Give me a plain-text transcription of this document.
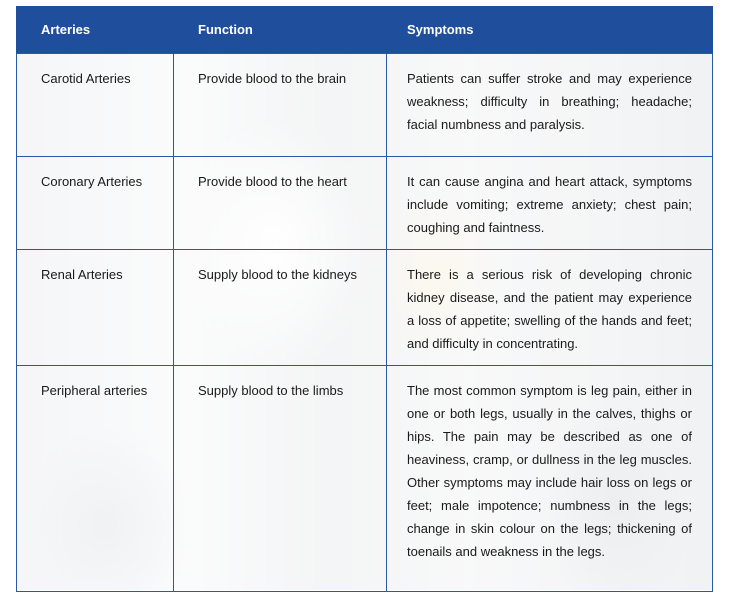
Arteries	Function	Symptoms
Carotid Arteries	Provide blood to the brain	Patients can suffer stroke and may experience weakness; difficulty in breathing; headache; facial numbness and paralysis.
Coronary Arteries	Provide blood to the heart	It can cause angina and heart attack, symptoms include vomiting; extreme anxiety; chest pain; coughing and faintness.
Renal Arteries	Supply blood to the kidneys	There is a serious risk of developing chronic kidney disease, and the patient may experience a loss of appetite; swelling of the hands and feet; and difficulty in concentrating.
Peripheral arteries	Supply blood to the limbs	The most common symptom is leg pain, either in one or both legs, usually in the calves, thighs or hips. The pain may be described as one of heaviness, cramp, or dullness in the leg muscles. Other symptoms may include hair loss on legs or feet; male impotence; numbness in the legs; change in skin colour on the legs; thickening of toenails and weakness in the legs.
